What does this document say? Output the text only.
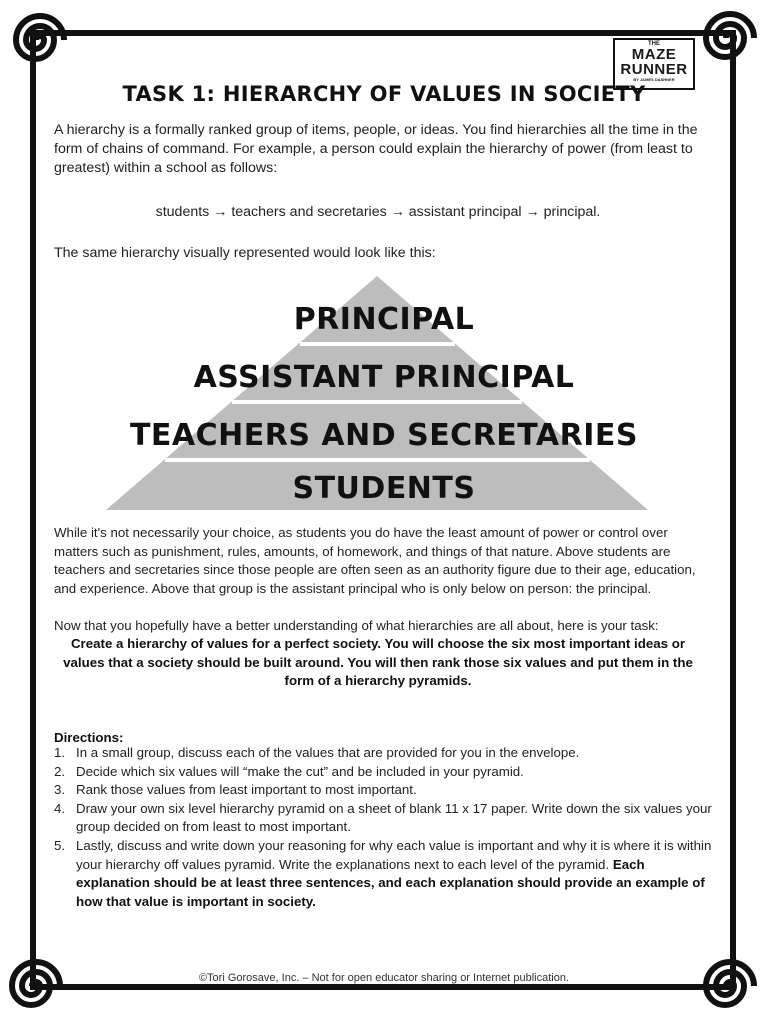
THE
MAZE
RUNNER
BY JAMES DASHNER
TASK 1: HIERARCHY OF VALUES IN SOCIETY
A hierarchy is a formally ranked group of items, people, or ideas. You find hierarchies all the time in the form of chains of command. For example, a person could explain the hierarchy of power (from least to greatest) within a school as follows:
students → teachers and secretaries → assistant principal → principal.
The same hierarchy visually represented would look like this:
PRINCIPAL
ASSISTANT PRINCIPAL
TEACHERS AND SECRETARIES
STUDENTS
While it's not necessarily your choice, as students you do have the least amount of power or control over matters such as punishment, rules, amounts, of homework, and things of that nature. Above students are teachers and secretaries since those people are often seen as an authority figure due to their age, education, and experience. Above that group is the assistant principal who is only below on person: the principal.
Now that you hopefully have a better understanding of what hierarchies are all about, here is your task:
Create a hierarchy of values for a perfect society. You will choose the six most important ideas or values that a society should be built around. You will then rank those six values and put them in the form of a hierarchy pyramids.
Directions:
1. In a small group, discuss each of the values that are provided for you in the envelope.
2. Decide which six values will “make the cut” and be included in your pyramid.
3. Rank those values from least important to most important.
4. Draw your own six level hierarchy pyramid on a sheet of blank 11 x 17 paper. Write down the six values your group decided on from least to most important.
5. Lastly, discuss and write down your reasoning for why each value is important and why it is where it is within your hierarchy off values pyramid. Write the explanations next to each level of the pyramid. Each explanation should be at least three sentences, and each explanation should provide an example of how that value is important in society.
©Tori Gorosave, Inc. – Not for open educator sharing or Internet publication.
